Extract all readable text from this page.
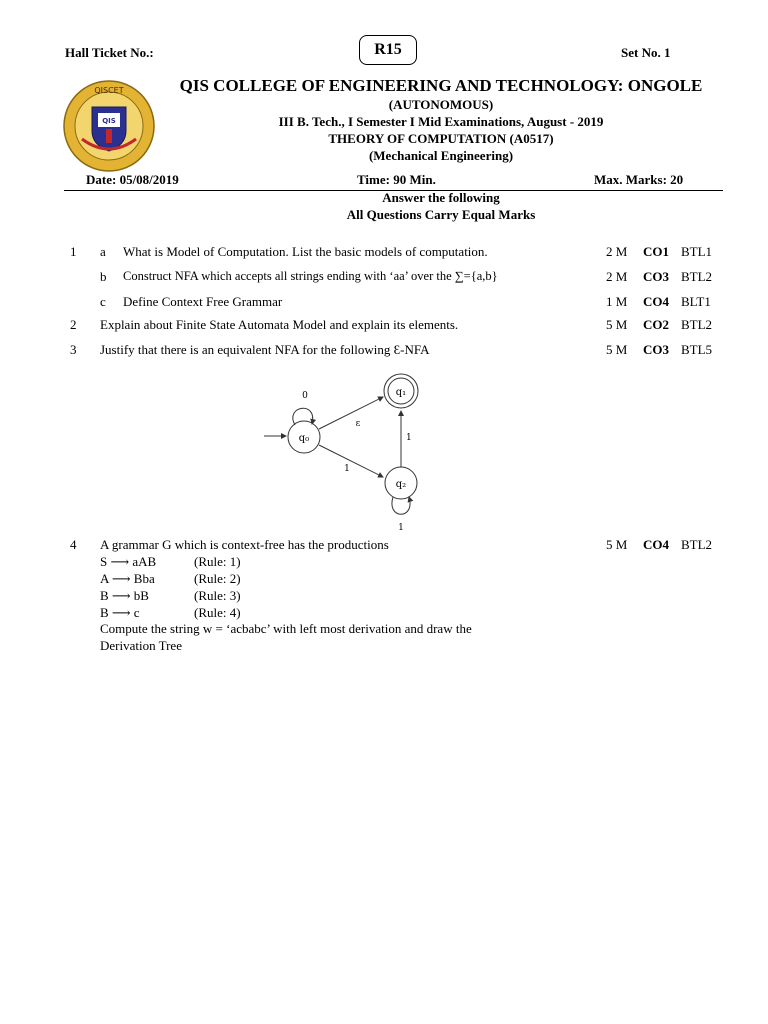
Hall Ticket No.:	R15	Set No. 1
QISCET
QIS
QIS COLLEGE OF ENGINEERING AND TECHNOLOGY: ONGOLE
(AUTONOMOUS)
III B. Tech., I Semester I Mid Examinations, August - 2019
THEORY OF COMPUTATION (A0517)
(Mechanical Engineering)
Date: 05/08/2019	Time: 90 Min.	Max. Marks: 20
Answer the following
All Questions Carry Equal Marks
1 a What is Model of Computation. List the basic models of computation.	2 M CO1 BTL1
b Construct NFA which accepts all strings ending with ‘aa’ over the ∑={a,b}	2 M CO3 BTL2
c Define Context Free Grammar	1 M CO4 BLT1
2 Explain about Finite State Automata Model and explain its elements.	5 M CO2 BTL2
3 Justify that there is an equivalent NFA for the following Ɛ-NFA	5 M CO3 BTL5
q₀
0	q₁
ε
q₂
1
1
1
4 A grammar G which is context-free has the productions	5 M CO4 BTL2
S ⟶ aAB	(Rule: 1)
A ⟶ Bba	(Rule: 2)
B ⟶ bB	(Rule: 3)
B ⟶ c	(Rule: 4)
Compute the string w = ‘acbabc’ with left most derivation and draw the
Derivation Tree
